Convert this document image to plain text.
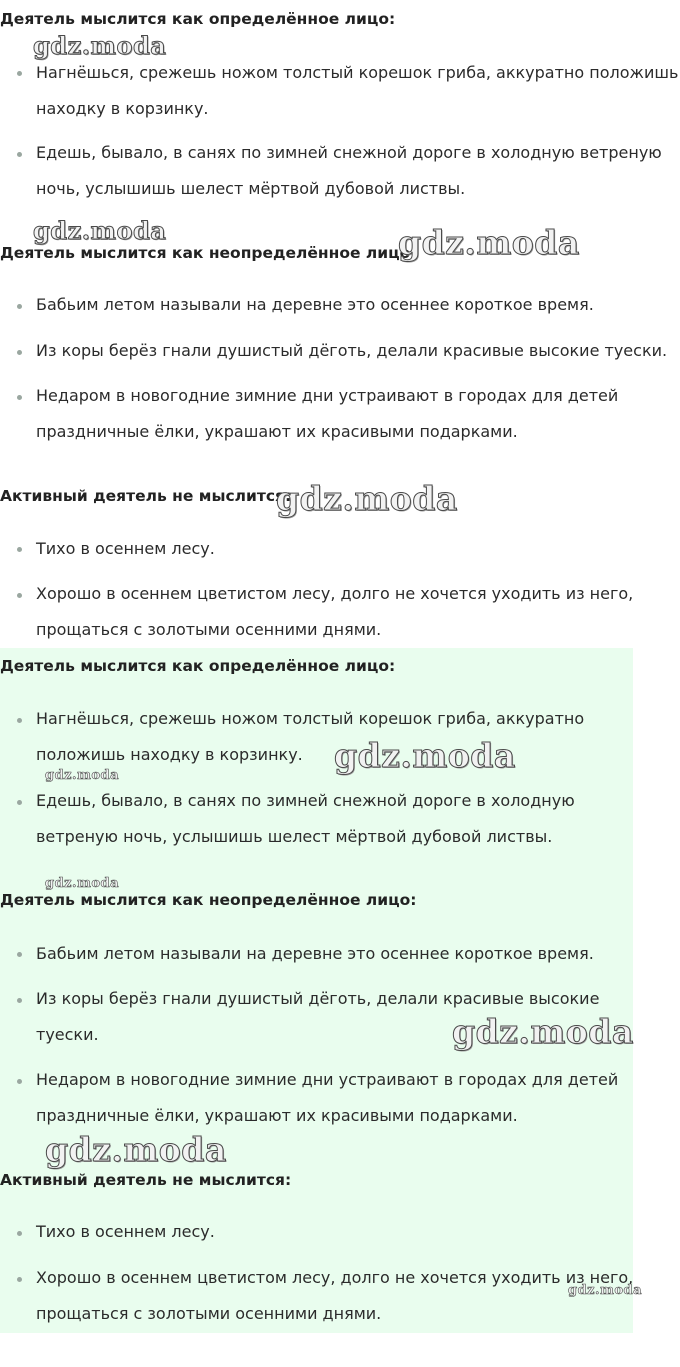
Деятель мыслится как определённое лицо:
Нагнёшься, срежешь ножом толстый корешок гриба, аккуратно положишь
находку в корзинку.
Едешь, бывало, в санях по зимней снежной дороге в холодную ветреную
ночь, услышишь шелест мёртвой дубовой листвы.
Деятель мыслится как неопределённое лицо:
Бабьим летом называли на деревне это осеннее короткое время.
Из коры берёз гнали душистый дёготь, делали красивые высокие туески.
Недаром в новогодние зимние дни устраивают в городах для детей
праздничные ёлки, украшают их красивыми подарками.
Активный деятель не мыслится:
Тихо в осеннем лесу.
Хорошо в осеннем цветистом лесу, долго не хочется уходить из него,
прощаться с золотыми осенними днями.
Деятель мыслится как определённое лицо:
Нагнёшься, срежешь ножом толстый корешок гриба, аккуратно
положишь находку в корзинку.
Едешь, бывало, в санях по зимней снежной дороге в холодную
ветреную ночь, услышишь шелест мёртвой дубовой листвы.
Деятель мыслится как неопределённое лицо:
Бабьим летом называли на деревне это осеннее короткое время.
Из коры берёз гнали душистый дёготь, делали красивые высокие
туески.
Недаром в новогодние зимние дни устраивают в городах для детей
праздничные ёлки, украшают их красивыми подарками.
Активный деятель не мыслится:
Тихо в осеннем лесу.
Хорошо в осеннем цветистом лесу, долго не хочется уходить из него,
прощаться с золотыми осенними днями.
gdz.moda
gdz.moda	gdz.moda
gdz.moda
gdz.moda
gdz.moda
gdz.moda
gdz.moda
gdz.moda
gdz.moda
